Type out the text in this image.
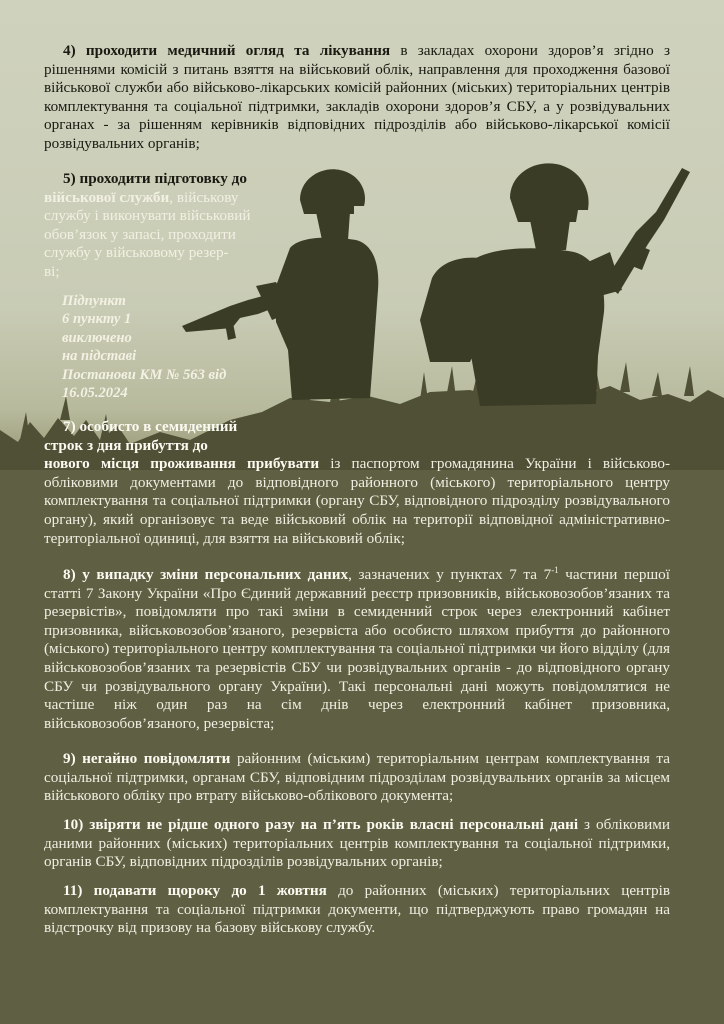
4) проходити медичний огляд та лікування в закладах охорони здоров’я згідно з рішеннями комісій з питань взяття на військовий облік, направлення для проходження базової військової служби або військово-лікарських комісій районних (міських) територіальних центрів комплектування та соціальної підтримки, закладів охорони здоров’я СБУ, а у розвідувальних органах - за рішенням керівників відповідних підрозділів або військово-лікарської комісії розвідувальних органів;

5) проходити підготовку до
військової служби, військову
службу і виконувати військовий
обов’язок у запасі, проходити
службу у військовому резер-
ві;
Підпункт
6 пункту 1
виключено
на підставі
Постанови КМ № 563 від
16.05.2024
7) особисто в семиденний
строк з дня прибуття до
нового місця проживання прибувати із паспортом громадянина України і військово-обліковими документами до відповідного районного (міського) територіального центру комплектування та соціальної підтримки (органу СБУ, відповідного підрозділу розвідувального органу), який організовує та веде військовий облік на території відповідної адміністративно-територіальної одиниці, для взяття на військовий облік;

8) у випадку зміни персональних даних, зазначених у пунктах 7 та $7^{-1}$ частини першої статті 7 Закону України «Про Єдиний державний реєстр призовників, військовозобов’язаних та резервістів», повідомляти про такі зміни в семиденний строк через електронний кабінет призовника, військовозобов’язаного, резервіста або особисто шляхом прибуття до районного (міського) територіального центру комплектування та соціальної підтримки чи його відділу (для військовозобов’язаних та резервістів СБУ чи розвідувальних органів - до відповідного органу СБУ чи розвідувального органу України). Такі персональні дані можуть повідомлятися не частіше ніж один раз на сім днів через електронний кабінет призовника, військовозобов’язаного, резервіста;

9) негайно повідомляти районним (міським) територіальним центрам комплектування та соціальної підтримки, органам СБУ, відповідним підрозділам розвідувальних органів за місцем військового обліку про втрату військово-облікового документа;

10) звіряти не рідше одного разу на п’ять років власні персональні дані з обліковими даними районних (міських) територіальних центрів комплектування та соціальної підтримки, органів СБУ, відповідних підрозділів розвідувальних органів;

11) подавати щороку до 1 жовтня до районних (міських) територіальних центрів комплектування та соціальної підтримки документи, що підтверджують право громадян на відстрочку від призову на базову військову службу.
